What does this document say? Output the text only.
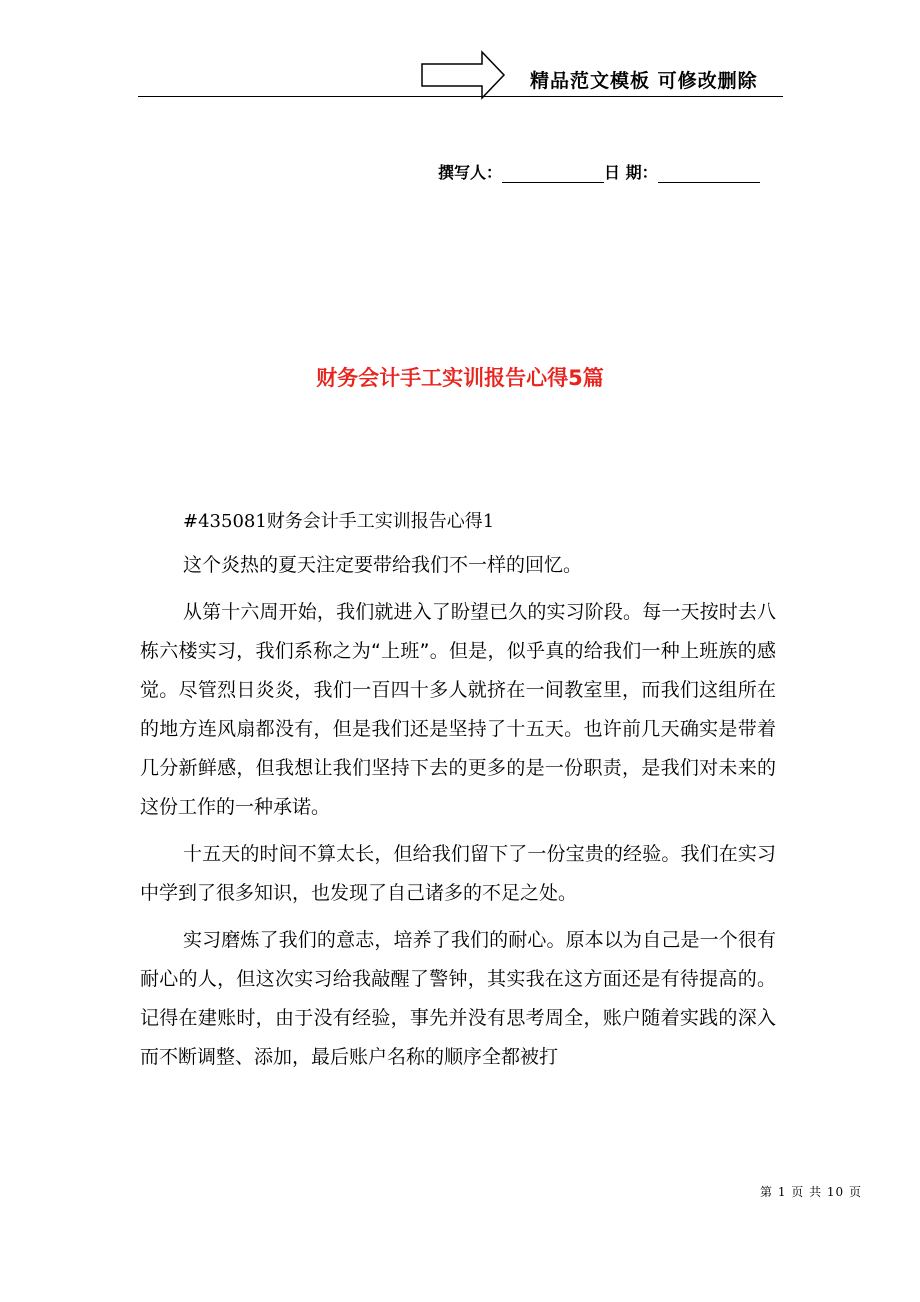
精品范文模板 可修改删除
撰写人：	日 期：
财务会计手工实训报告心得5篇

#435081财务会计手工实训报告心得1

这个炎热的夏天注定要带给我们不一样的回忆。

从第十六周开始，我们就进入了盼望已久的实习阶段。每一天按时去八栋六楼实习，我们系称之为“上班”。但是，似乎真的给我们一种上班族的感觉。尽管烈日炎炎，我们一百四十多人就挤在一间教室里，而我们这组所在的地方连风扇都没有，但是我们还是坚持了十五天。也许前几天确实是带着几分新鲜感，但我想让我们坚持下去的更多的是一份职责，是我们对未来的这份工作的一种承诺。

十五天的时间不算太长，但给我们留下了一份宝贵的经验。我们在实习中学到了很多知识，也发现了自己诸多的不足之处。

实习磨炼了我们的意志，培养了我们的耐心。原本以为自己是一个很有耐心的人，但这次实习给我敲醒了警钟，其实我在这方面还是有待提高的。记得在建账时，由于没有经验，事先并没有思考周全，账户随着实践的深入而不断调整、添加，最后账户名称的顺序全都被打

第 1 页 共 10 页
